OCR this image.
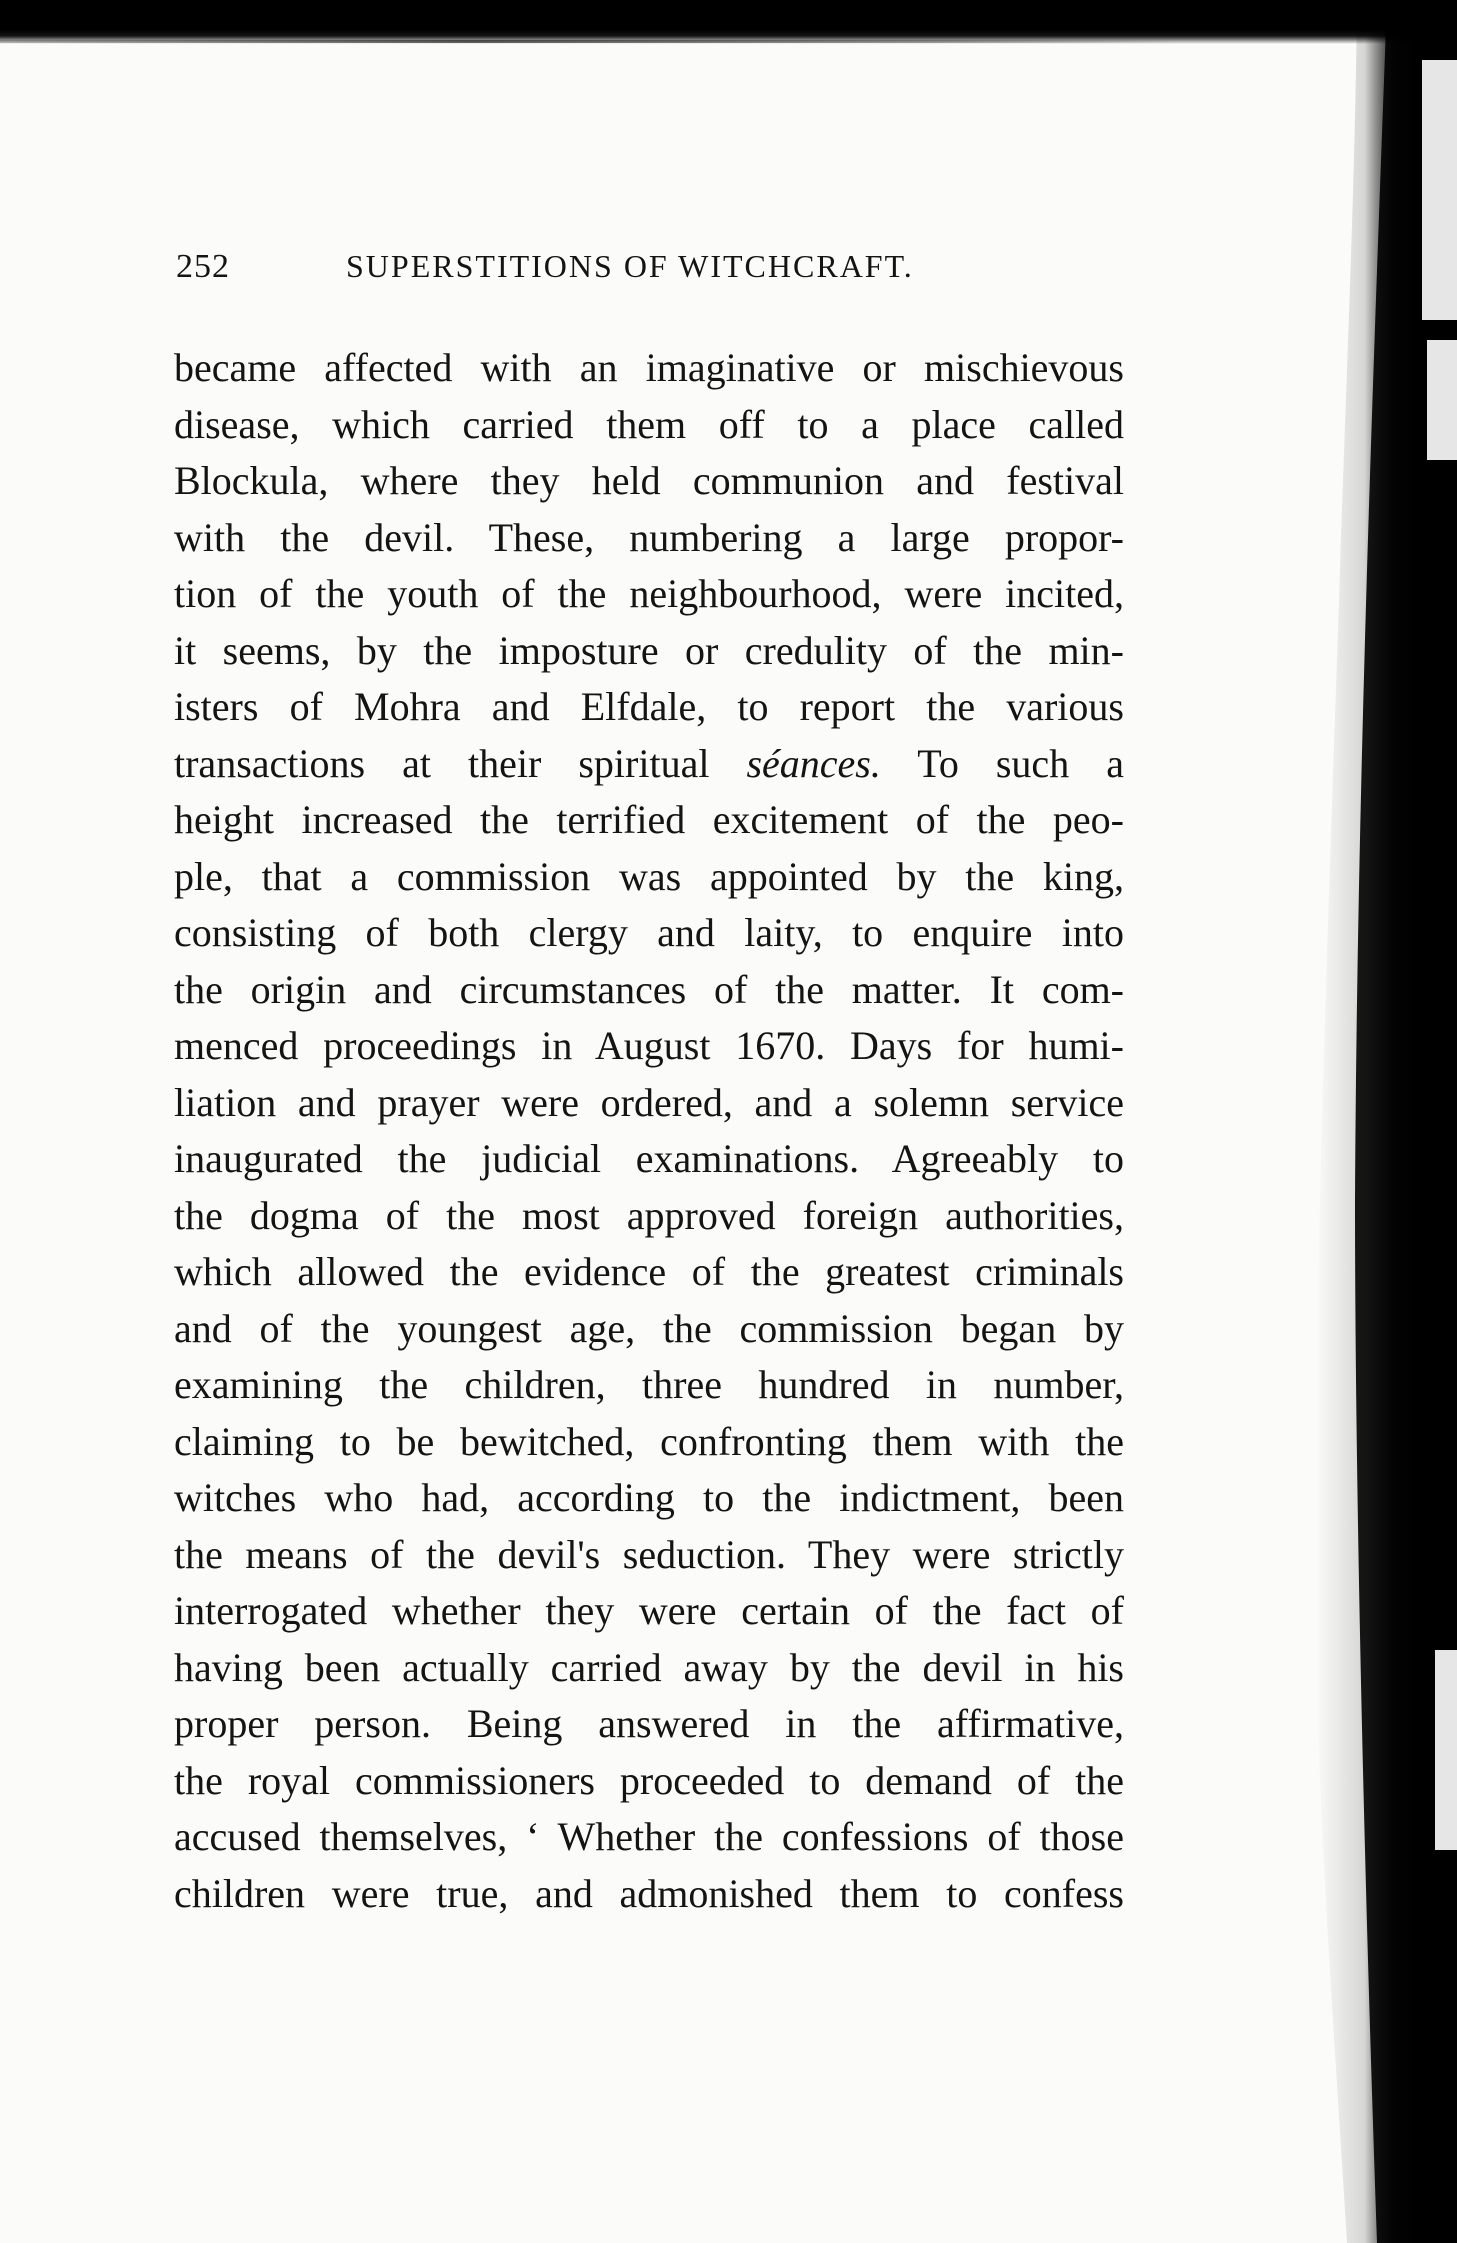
252	SUPERSTITIONS OF WITCHCRAFT.
became affected with an imaginative or mischievous
disease, which carried them off to a place called
Blockula, where they held communion and festival
with the devil. These, numbering a large propor-
tion of the youth of the neighbourhood, were incited,
it seems, by the imposture or credulity of the min-
isters of Mohra and Elfdale, to report the various
transactions at their spiritual séances. To such a
height increased the terrified excitement of the peo-
ple, that a commission was appointed by the king,
consisting of both clergy and laity, to enquire into
the origin and circumstances of the matter. It com-
menced proceedings in August 1670. Days for humi-
liation and prayer were ordered, and a solemn service
inaugurated the judicial examinations. Agreeably to
the dogma of the most approved foreign authorities,
which allowed the evidence of the greatest criminals
and of the youngest age, the commission began by
examining the children, three hundred in number,
claiming to be bewitched, confronting them with the
witches who had, according to the indictment, been
the means of the devil's seduction. They were strictly
interrogated whether they were certain of the fact of
having been actually carried away by the devil in his
proper person. Being answered in the affirmative,
the royal commissioners proceeded to demand of the
accused themselves, ‘ Whether the confessions of those
children were true, and admonished them to confess
